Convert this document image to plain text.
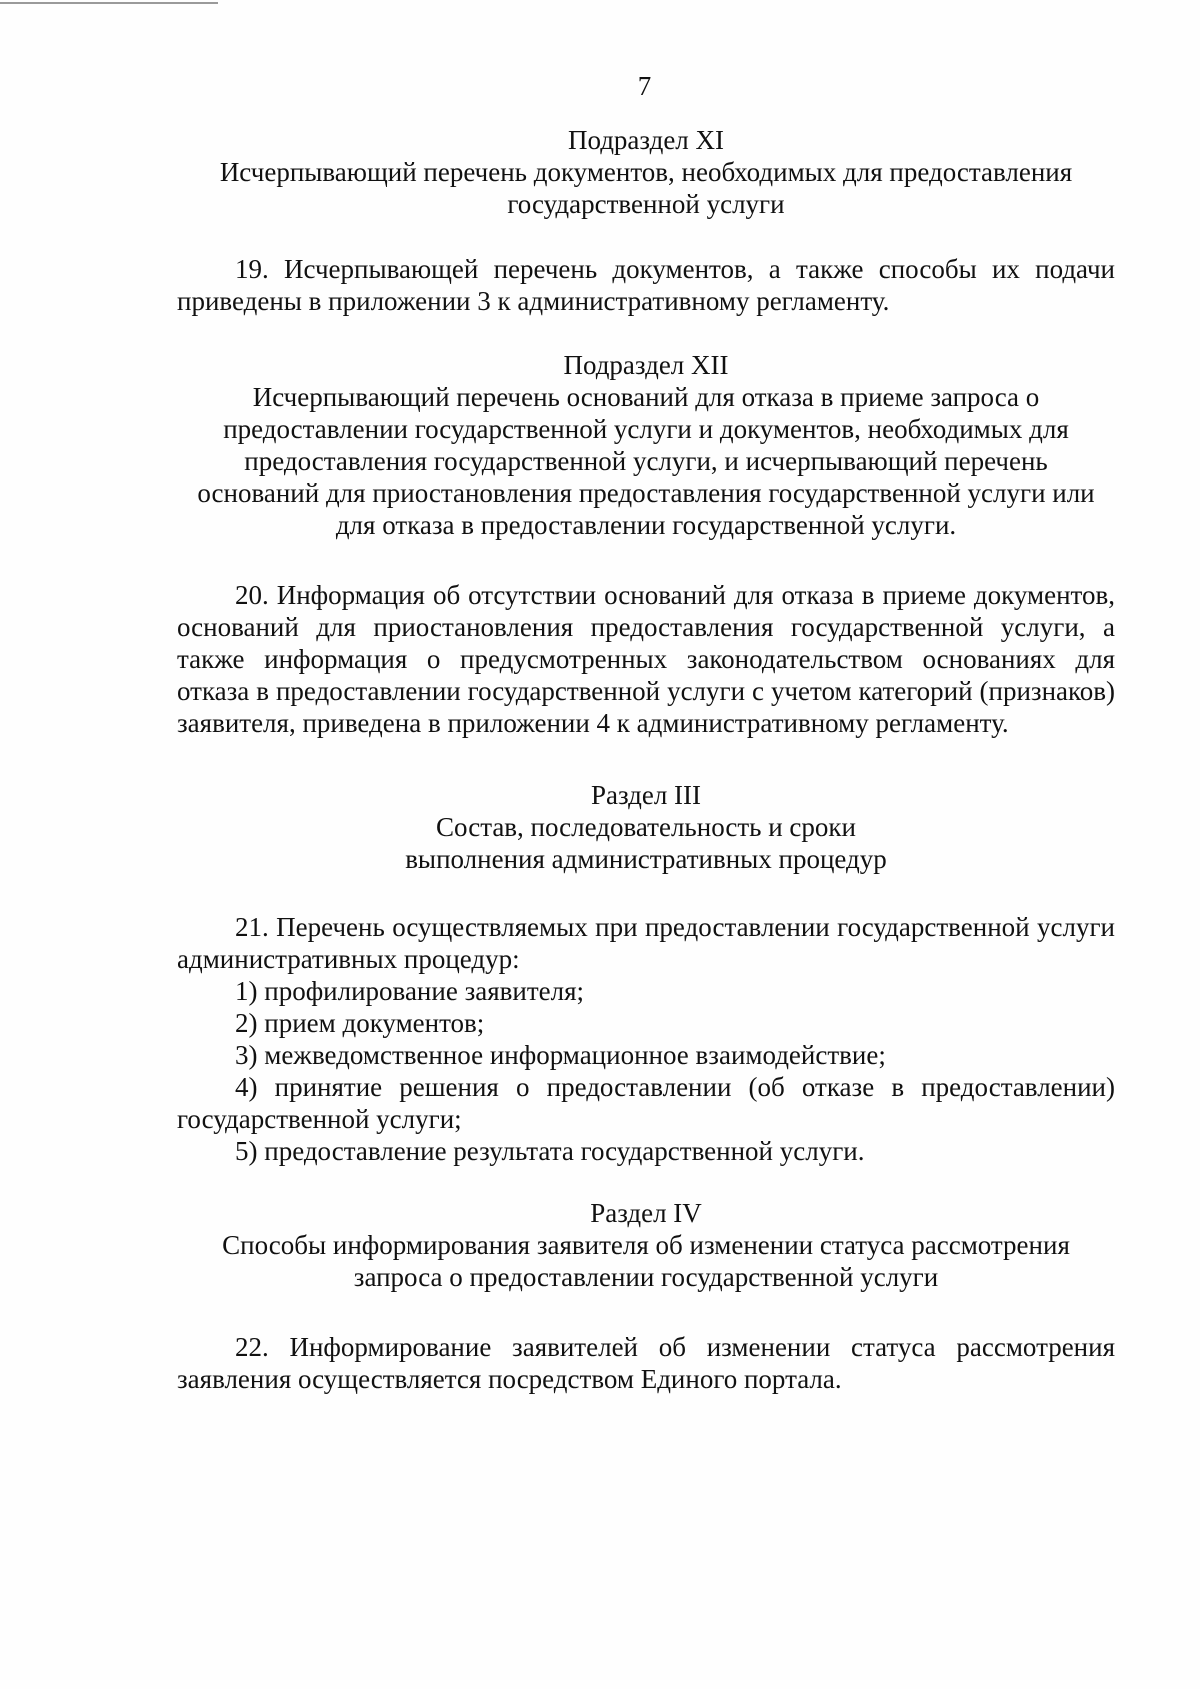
7

Подраздел XI

Исчерпывающий перечень документов, необходимых для предоставления

государственной услуги

19. Исчерпывающей перечень документов, а также способы их подачи приведены в приложении 3 к административному регламенту.

Подраздел XII

Исчерпывающий перечень оснований для отказа в приеме запроса о

предоставлении государственной услуги и документов, необходимых для

предоставления государственной услуги, и исчерпывающий перечень

оснований для приостановления предоставления государственной услуги или

для отказа в предоставлении государственной услуги.

20. Информация об отсутствии оснований для отказа в приеме документов, оснований для приостановления предоставления государственной услуги, а также информация о предусмотренных законодательством основаниях для отказа в предоставлении государственной услуги с учетом категорий (признаков) заявителя, приведена в приложении 4 к административному регламенту.

Раздел III

Состав, последовательность и сроки

выполнения административных процедур

21. Перечень осуществляемых при предоставлении государственной услуги административных процедур:

1) профилирование заявителя;

2) прием документов;

3) межведомственное информационное взаимодействие;

4) принятие решения о предоставлении (об отказе в предоставлении) государственной услуги;

5) предоставление результата государственной услуги.

Раздел IV

Способы информирования заявителя об изменении статуса рассмотрения

запроса о предоставлении государственной услуги

22. Информирование заявителей об изменении статуса рассмотрения заявления осуществляется посредством Единого портала.
